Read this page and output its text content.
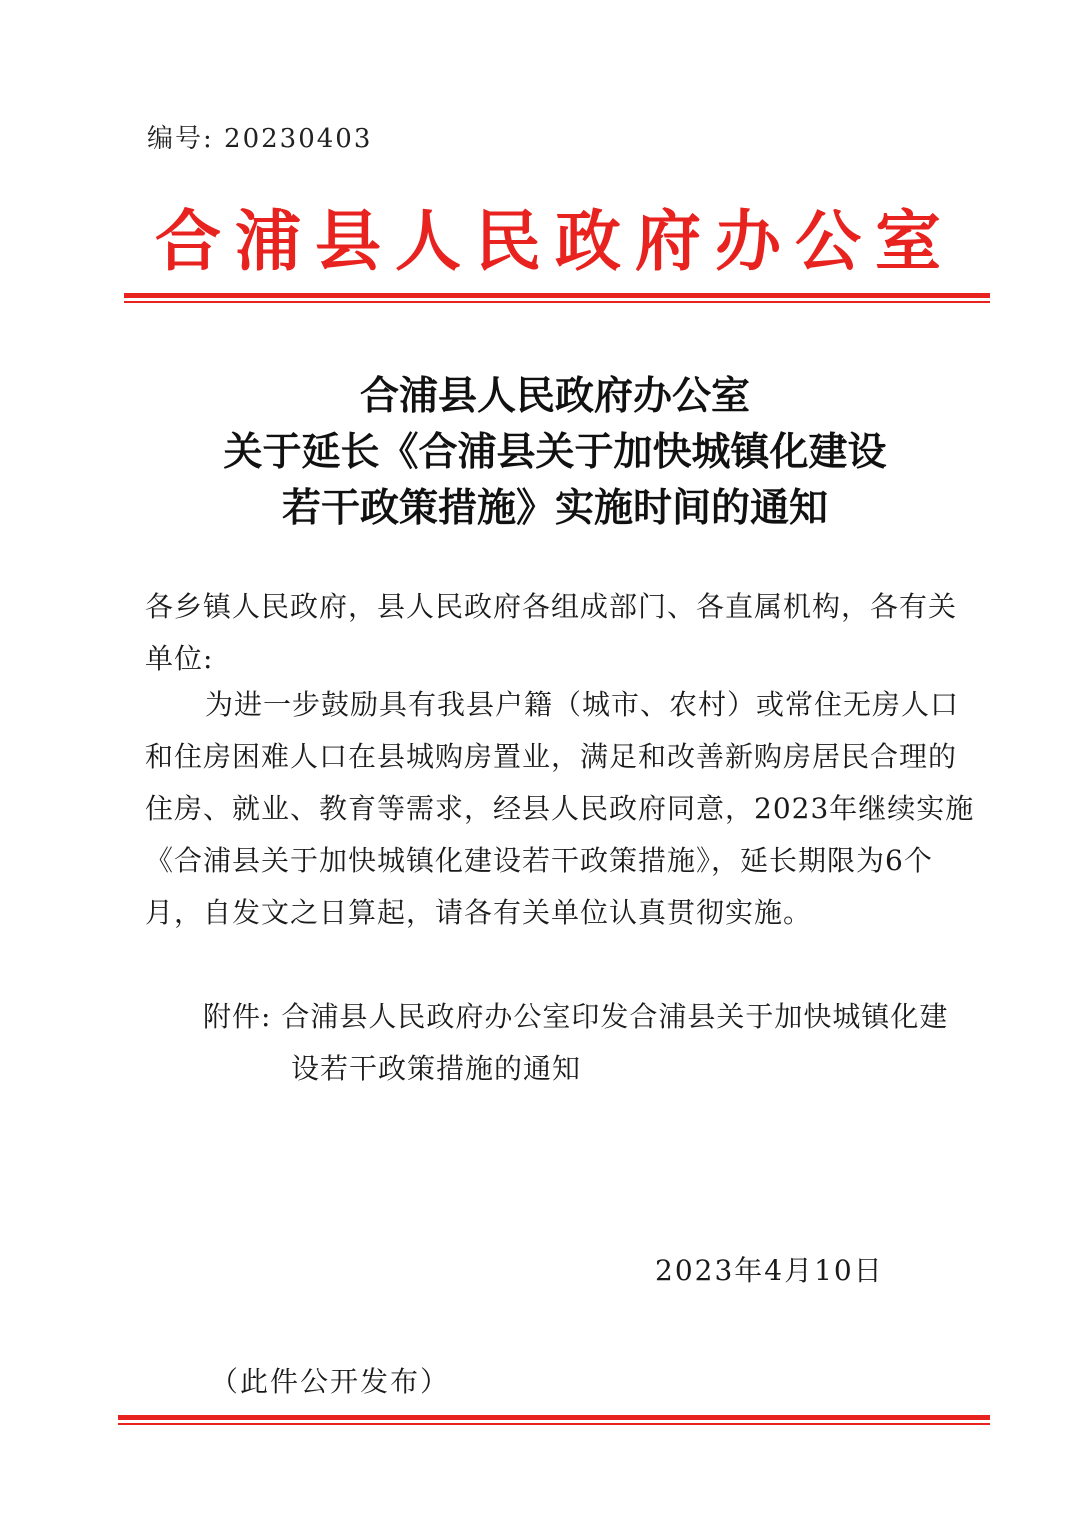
编号: 20230403
合浦县人民政府办公室
合浦县人民政府办公室
关于延长《合浦县关于加快城镇化建设
若干政策措施》实施时间的通知
各乡镇人民政府，县人民政府各组成部门、各直属机构，各有关
单位:
为进一步鼓励具有我县户籍（城市、农村）或常住无房人口
和住房困难人口在县城购房置业，满足和改善新购房居民合理的
住房、就业、教育等需求，经县人民政府同意，2023年继续实施
《合浦县关于加快城镇化建设若干政策措施》，延长期限为6个
月，自发文之日算起，请各有关单位认真贯彻实施。
附件: 合浦县人民政府办公室印发合浦县关于加快城镇化建
设若干政策措施的通知
2023年4月10日
（此件公开发布）
